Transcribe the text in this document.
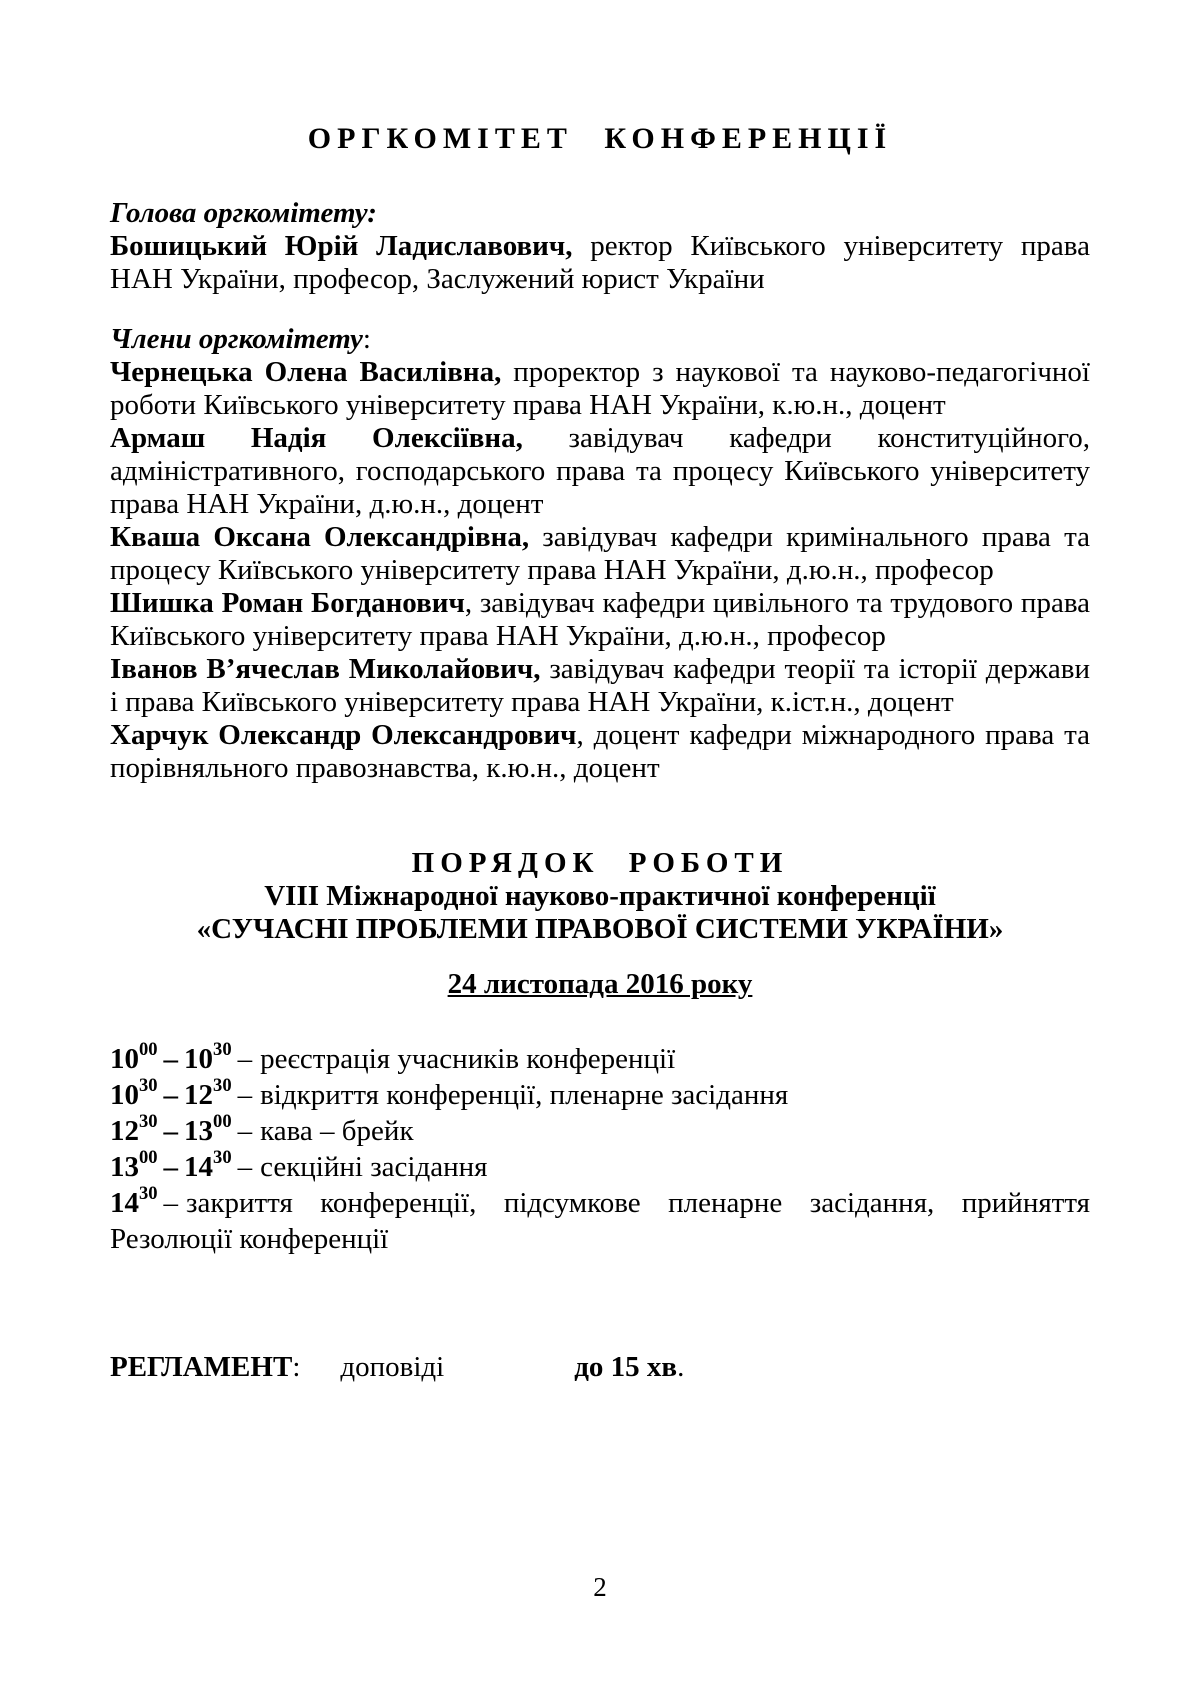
ОРГКОМІТЕТ КОНФЕРЕНЦІЇ

Голова оргкомітету:

Бошицький Юрій Ладиславович, ректор Київського університету права НАН України, професор, Заслужений юрист України

Члени оргкомітету:

Чернецька Олена Василівна, проректор з наукової та науково-педагогічної роботи Київського університету права НАН України, к.ю.н., доцент

Армаш Надія Олексіївна, завідувач кафедри конституційного, адміністративного, господарського права та процесу Київського університету права НАН України, д.ю.н., доцент

Кваша Оксана Олександрівна, завідувач кафедри кримінального права та процесу Київського університету права НАН України, д.ю.н., професор

Шишка Роман Богданович, завідувач кафедри цивільного та трудового права Київського університету права НАН України, д.ю.н., професор

Іванов В’ячеслав Миколайович, завідувач кафедри теорії та історії держави і права Київського університету права НАН України, к.іст.н., доцент

Харчук Олександр Олександрович, доцент кафедри міжнародного права та порівняльного правознавства, к.ю.н., доцент

ПОРЯДОК РОБОТИ

VIII Міжнародної науково-практичної конференції

«СУЧАСНІ ПРОБЛЕМИ ПРАВОВОЇ СИСТЕМИ УКРАЇНИ»

24 листопада 2016 року

$10^{00} - 10^{30}$ – реєстрація учасників конференції

$10^{30} - 12^{30}$ – відкриття конференції, пленарне засідання

$12^{30} - 13^{00}$ – кава – брейк

$13^{00} - 14^{30}$ – секційні засідання

$14^{30}$ – закриття конференції, підсумкове пленарне засідання, прийняття Резолюції конференції

РЕГЛАМЕНТ: доповіді	до 15 хв.

2
